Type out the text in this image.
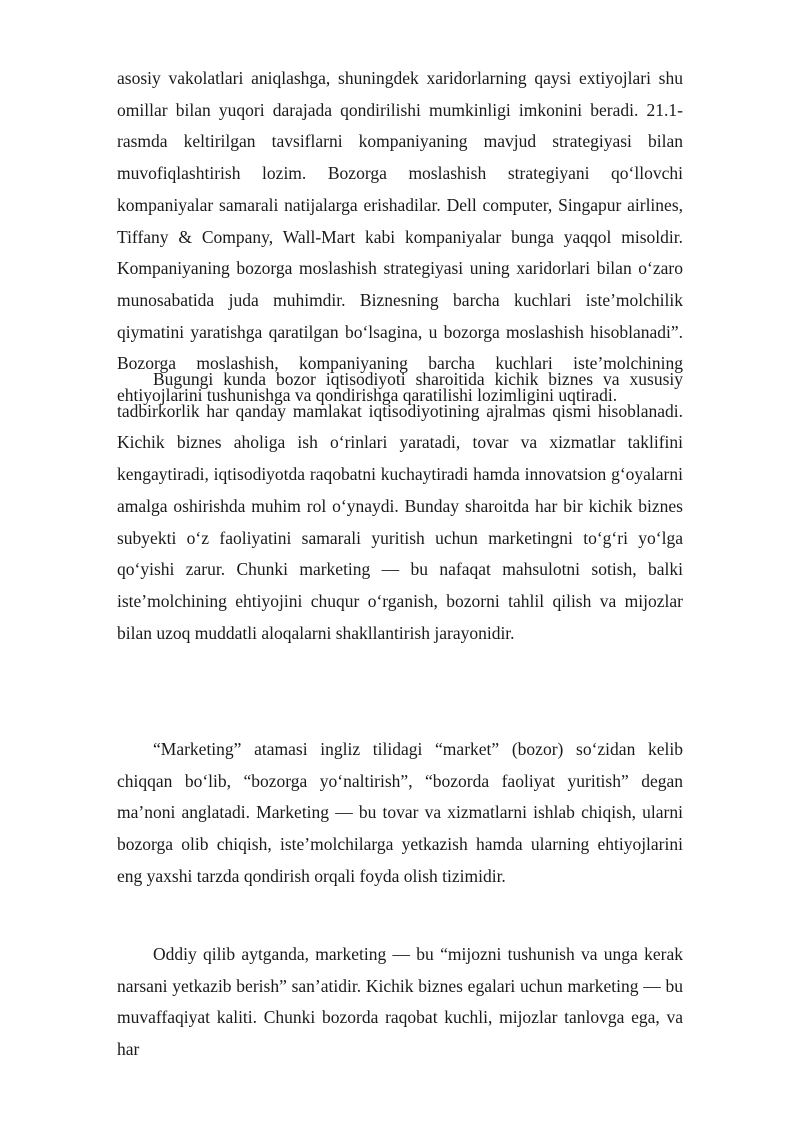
asosiy vakolatlari aniqlashga, shuningdek xaridorlarning qaysi extiyojlari shu omillar bilan yuqori darajada qondirilishi mumkinligi imkonini beradi. 21.1-rasmda keltirilgan tavsiflarni kompaniyaning mavjud strategiyasi bilan muvofiqlashtirish lozim. Bozorga moslashish strategiyani qo‘llovchi kompaniyalar samarali natijalarga erishadilar. Dell computer, Singapur airlines, Tiffany & Company, Wall-Mart kabi kompaniyalar bunga yaqqol misoldir. Kompaniyaning bozorga moslashish strategiyasi uning xaridorlari bilan o‘zaro munosabatida juda muhimdir. Biznesning barcha kuchlari iste’molchilik qiymatini yaratishga qaratilgan bo‘lsagina, u bozorga moslashish hisoblanadi”. Bozorga moslashish, kompaniyaning barcha kuchlari iste’molchining ehtiyojlarini tushunishga va qondirishga qaratilishi lozimligini uqtiradi.

Bugungi kunda bozor iqtisodiyoti sharoitida kichik biznes va xususiy tadbirkorlik har qanday mamlakat iqtisodiyotining ajralmas qismi hisoblanadi. Kichik biznes aholiga ish o‘rinlari yaratadi, tovar va xizmatlar taklifini kengaytiradi, iqtisodiyotda raqobatni kuchaytiradi hamda innovatsion g‘oyalarni amalga oshirishda muhim rol o‘ynaydi. Bunday sharoitda har bir kichik biznes subyekti o‘z faoliyatini samarali yuritish uchun marketingni to‘g‘ri yo‘lga qo‘yishi zarur. Chunki marketing — bu nafaqat mahsulotni sotish, balki iste’molchining ehtiyojini chuqur o‘rganish, bozorni tahlil qilish va mijozlar bilan uzoq muddatli aloqalarni shakllantirish jarayonidir.

“Marketing” atamasi ingliz tilidagi “market” (bozor) so‘zidan kelib chiqqan bo‘lib, “bozorga yo‘naltirish”, “bozorda faoliyat yuritish” degan ma’noni anglatadi. Marketing — bu tovar va xizmatlarni ishlab chiqish, ularni bozorga olib chiqish, iste’molchilarga yetkazish hamda ularning ehtiyojlarini eng yaxshi tarzda qondirish orqali foyda olish tizimidir.

Oddiy qilib aytganda, marketing — bu “mijozni tushunish va unga kerak narsani yetkazib berish” san’atidir. Kichik biznes egalari uchun marketing — bu muvaffaqiyat kaliti. Chunki bozorda raqobat kuchli, mijozlar tanlovga ega, va har
